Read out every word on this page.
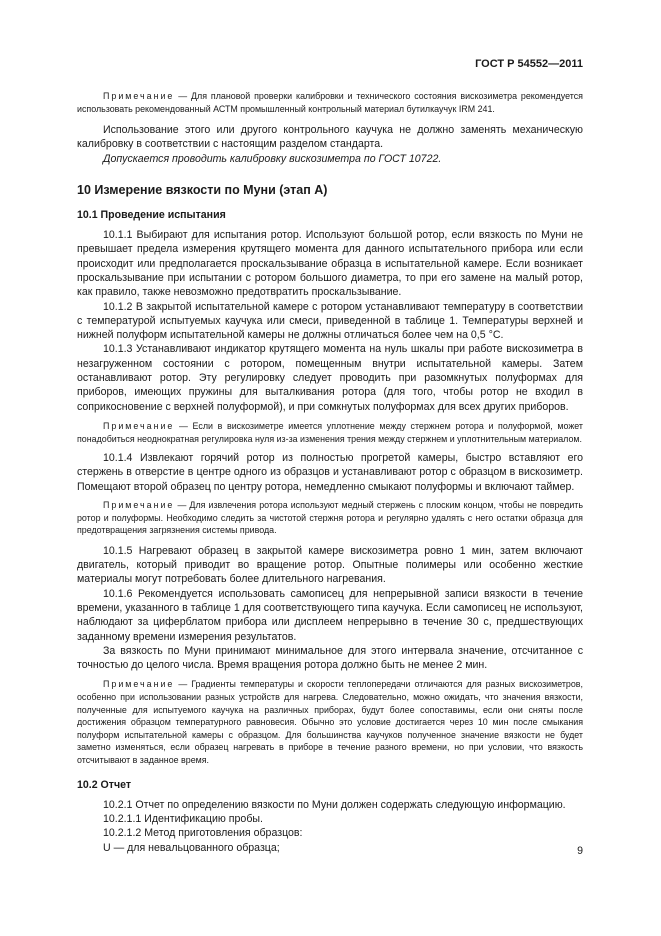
ГОСТ Р 54552—2011

Примечание — Для плановой проверки калибровки и технического состояния вискозиметра рекомендуется использовать рекомендованный АСТМ промышленный контрольный материал бутилкаучук IRM 241.

Использование этого или другого контрольного каучука не должно заменять механическую калибровку в соответствии с настоящим разделом стандарта.

Допускается проводить калибровку вискозиметра по ГОСТ 10722.

10 Измерение вязкости по Муни (этап А)

10.1 Проведение испытания

10.1.1 Выбирают для испытания ротор. Используют большой ротор, если вязкость по Муни не превышает предела измерения крутящего момента для данного испытательного прибора или если происходит или предполагается проскальзывание образца в испытательной камере. Если возникает проскальзывание при испытании с ротором большого диаметра, то при его замене на малый ротор, как правило, также невозможно предотвратить проскальзывание.

10.1.2 В закрытой испытательной камере с ротором устанавливают температуру в соответствии с температурой испытуемых каучука или смеси, приведенной в таблице 1. Температуры верхней и нижней полуформ испытательной камеры не должны отличаться более чем на 0,5 °С.

10.1.3 Устанавливают индикатор крутящего момента на нуль шкалы при работе вискозиметра в незагруженном состоянии с ротором, помещенным внутри испытательной камеры. Затем останавливают ротор. Эту регулировку следует проводить при разомкнутых полуформах для приборов, имеющих пружины для выталкивания ротора (для того, чтобы ротор не входил в соприкосновение с верхней полуформой), и при сомкнутых полуформах для всех других приборов.

Примечание — Если в вискозиметре имеется уплотнение между стержнем ротора и полуформой, может понадобиться неоднократная регулировка нуля из-за изменения трения между стержнем и уплотнительным материалом.

10.1.4 Извлекают горячий ротор из полностью прогретой камеры, быстро вставляют его стержень в отверстие в центре одного из образцов и устанавливают ротор с образцом в вискозиметр. Помещают второй образец по центру ротора, немедленно смыкают полуформы и включают таймер.

Примечание — Для извлечения ротора используют медный стержень с плоским концом, чтобы не повредить ротор и полуформы. Необходимо следить за чистотой стержня ротора и регулярно удалять с него остатки образца для предотвращения загрязнения системы привода.

10.1.5 Нагревают образец в закрытой камере вискозиметра ровно 1 мин, затем включают двигатель, который приводит во вращение ротор. Опытные полимеры или особенно жесткие материалы могут потребовать более длительного нагревания.

10.1.6 Рекомендуется использовать самописец для непрерывной записи вязкости в течение времени, указанного в таблице 1 для соответствующего типа каучука. Если самописец не используют, наблюдают за циферблатом прибора или дисплеем непрерывно в течение 30 с, предшествующих заданному времени измерения результатов.

За вязкость по Муни принимают минимальное для этого интервала значение, отсчитанное с точностью до целого числа. Время вращения ротора должно быть не менее 2 мин.

Примечание — Градиенты температуры и скорости теплопередачи отличаются для разных вискозиметров, особенно при использовании разных устройств для нагрева. Следовательно, можно ожидать, что значения вязкости, полученные для испытуемого каучука на различных приборах, будут более сопоставимы, если они сняты после достижения образцом температурного равновесия. Обычно это условие достигается через 10 мин после смыкания полуформ испытательной камеры с образцом. Для большинства каучуков полученное значение вязкости не будет заметно изменяться, если образец нагревать в приборе в течение разного времени, но при условии, что вязкость отсчитывают в заданное время.

10.2 Отчет

10.2.1 Отчет по определению вязкости по Муни должен содержать следующую информацию.

10.2.1.1 Идентификацию пробы.

10.2.1.2 Метод приготовления образцов:

U — для невальцованного образца;	9
